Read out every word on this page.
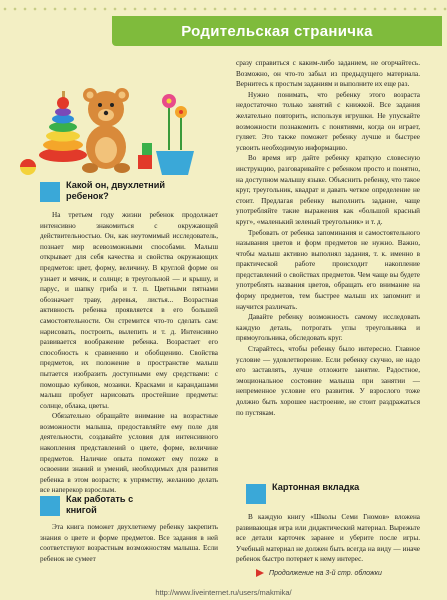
Родительская страничка
Какой он, двухлетний ребенок?

На третьем году жизни ребенок продолжает интенсивно знакомиться с окружающей действительностью. Он, как неутомимый исследователь, познает мир всевозможными способами. Малыш открывает для себя качества и свойства окружающих предметов: цвет, форму, величину. В круглой форме он узнает и мячик, и солнце; в треугольной — и крышу, и парус, и шапку гриба и т. п. Цветными пятнами обозначает траву, деревья, листья... Возрастная активность ребенка проявляется в его большей самостоятельности. Он стремится что-то сделать сам: нарисовать, построить, вылепить и т. д. Интенсивно развивается воображение ребенка. Возрастает его способность к сравнению и обобщению. Свойства предметов, их положение в пространстве малыш пытается изобразить доступными ему средствами: с помощью кубиков, мозаики. Красками и карандашами малыш пробует нарисовать простейшие предметы: солнце, облака, цветы.

Обязательно обращайте внимание на возрастные возможности малыша, предоставляйте ему поле для деятельности, создавайте условия для интенсивного накопления представлений о цвете, форме, величине предметов. Наличие опыта поможет ему позже в освоении знаний и умений, необходимых для развития ребенка в этом возрасте; к упрямству, желанию делать все наперекор взрослым.

Как работать с книгой

Эта книга поможет двухлетнему ребенку закрепить знания о цвете и форме предметов. Все задания в ней соответствуют возрастным возможностям малыша. Если ребенок не сумеет

сразу справиться с каким-либо заданием, не огорчайтесь. Возможно, он что-то забыл из предыдущего материала. Вернитесь к простым заданиям и выполните их еще раз.

Нужно понимать, что ребенку этого возраста недостаточно только занятий с книжкой. Все задания желательно повторить, используя игрушки. Не упускайте возможности познакомить с понятиями, когда он играет, гуляет. Это также поможет ребенку лучше и быстрее усвоить необходимую информацию.

Во время игр дайте ребенку краткую словесную инструкцию, разговаривайте с ребенком просто и понятно, на доступном малышу языке. Объяснить ребенку, что такое круг, треугольник, квадрат и давать четкое определение не стоит. Предлагая ребенку выполнить задание, чаще употребляйте такие выражения как «большой красный круг», «маленький зеленый треугольник» и т. д.

Требовать от ребенка запоминания и самостоятельного называния цветов и форм предметов не нужно. Важно, чтобы малыш активно выполнял задания, т. к. именно в практической работе происходит накопление представлений о свойствах предметов. Чем чаще вы будете употреблять названия цветов, обращать его внимание на форму предметов, тем быстрее малыш их запомнит и научится различать.

Давайте ребенку возможность самому исследовать каждую деталь, потрогать углы треугольника и прямоугольника, обследовать круг.

Старайтесь, чтобы ребенку было интересно. Главное условие — удовлетворение. Если ребенку скучно, не надо его заставлять, лучше отложите занятие. Радостное, эмоциональное состояние малыша при занятии — непременное условие его развития. У взрослого тоже должно быть хорошее настроение, не стоит раздражаться по пустякам.

Картонная вкладка

В каждую книгу «Школы Семи Гномов» вложена развивающая игра или дидактический материал. Вырежьте все детали карточек заранее и уберите после игры. Учебный материал не должен быть всегда на виду — иначе ребенок быстро потеряет к нему интерес.

Продолжение на 3-й стр. обложки
http://www.liveinternet.ru/users/makmika/
